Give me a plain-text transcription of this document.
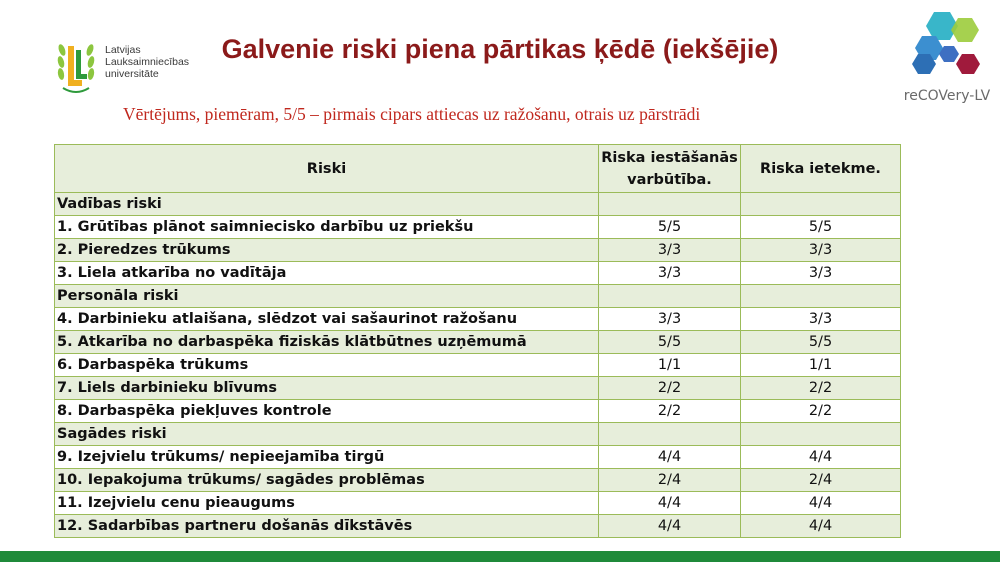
Latvijas
Lauksaimniecības
universitāte
Galvenie riski piena pārtikas ķēdē (iekšējie)
Vērtējums, piemēram, 5/5 – pirmais cipars attiecas uz ražošanu, otrais uz pārstrādi
reCOVery-LV
Riski	Riska iestāšanās varbūtība.	Riska ietekme.
Vadības riski		
1. Grūtības plānot saimniecisko darbību uz priekšu	5/5	5/5
2. Pieredzes trūkums	3/3	3/3
3. Liela atkarība no vadītāja	3/3	3/3
Personāla riski		
4. Darbinieku atlaišana, slēdzot vai sašaurinot ražošanu	3/3	3/3
5. Atkarība no darbaspēka fiziskās klātbūtnes uzņēmumā	5/5	5/5
6. Darbaspēka trūkums	1/1	1/1
7. Liels darbinieku blīvums	2/2	2/2
8. Darbaspēka piekļuves kontrole	2/2	2/2
Sagādes riski		
9. Izejvielu trūkums/ nepieejamība tirgū	4/4	4/4
10. Iepakojuma trūkums/ sagādes problēmas	2/4	2/4
11. Izejvielu cenu pieaugums	4/4	4/4
12. Sadarbības partneru došanās dīkstāvēs	4/4	4/4
